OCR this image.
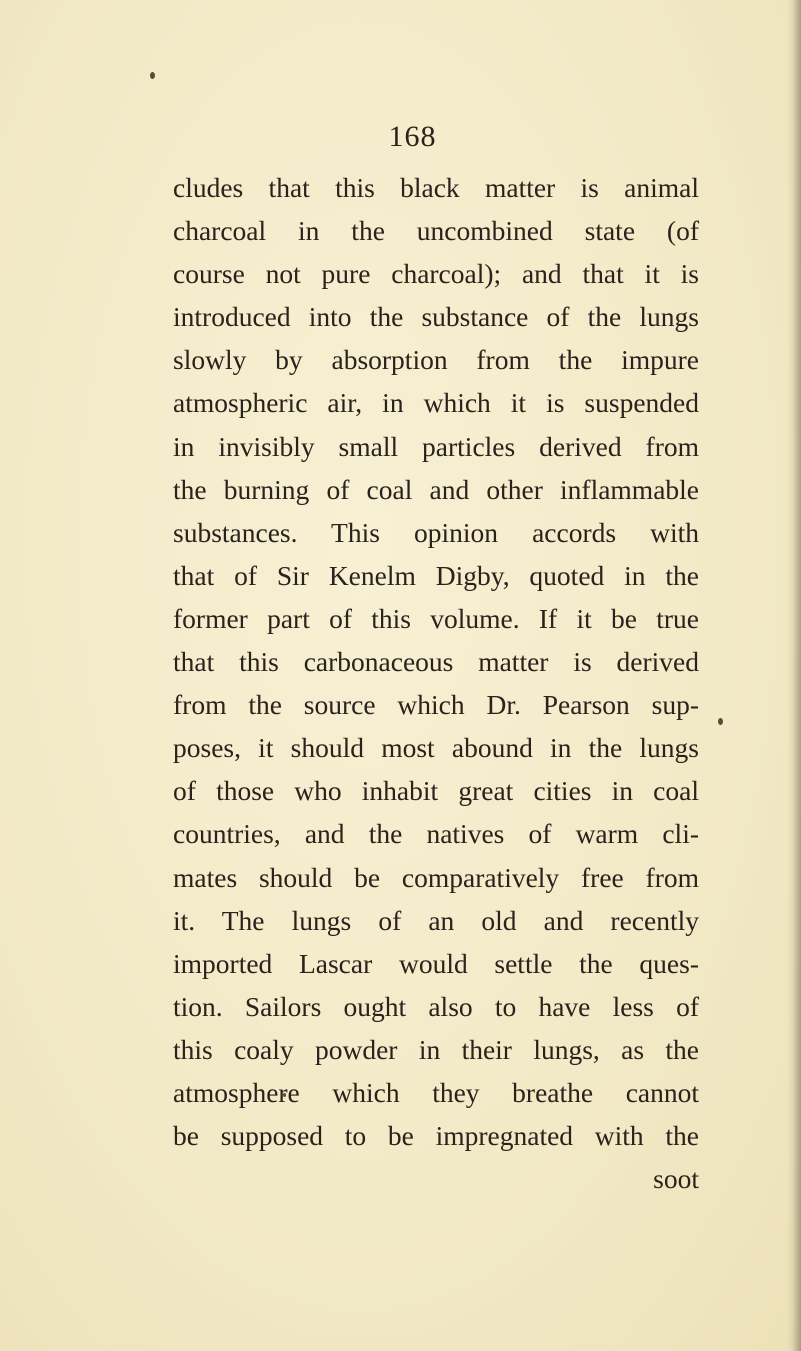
168
cludes that this black matter is animal
charcoal in the uncombined state (of
course not pure charcoal); and that it is
introduced into the substance of the lungs
slowly by absorption from the impure
atmospheric air, in which it is suspended
in invisibly small particles derived from
the burning of coal and other inflammable
substances. This opinion accords with
that of Sir Kenelm Digby, quoted in the
former part of this volume. If it be true
that this carbonaceous matter is derived
from the source which Dr. Pearson sup-
poses, it should most abound in the lungs
of those who inhabit great cities in coal
countries, and the natives of warm cli-
mates should be comparatively free from
it. The lungs of an old and recently
imported Lascar would settle the ques-
tion. Sailors ought also to have less of
this coaly powder in their lungs, as the
atmosphere which they breathe cannot
be supposed to be impregnated with the
soot
